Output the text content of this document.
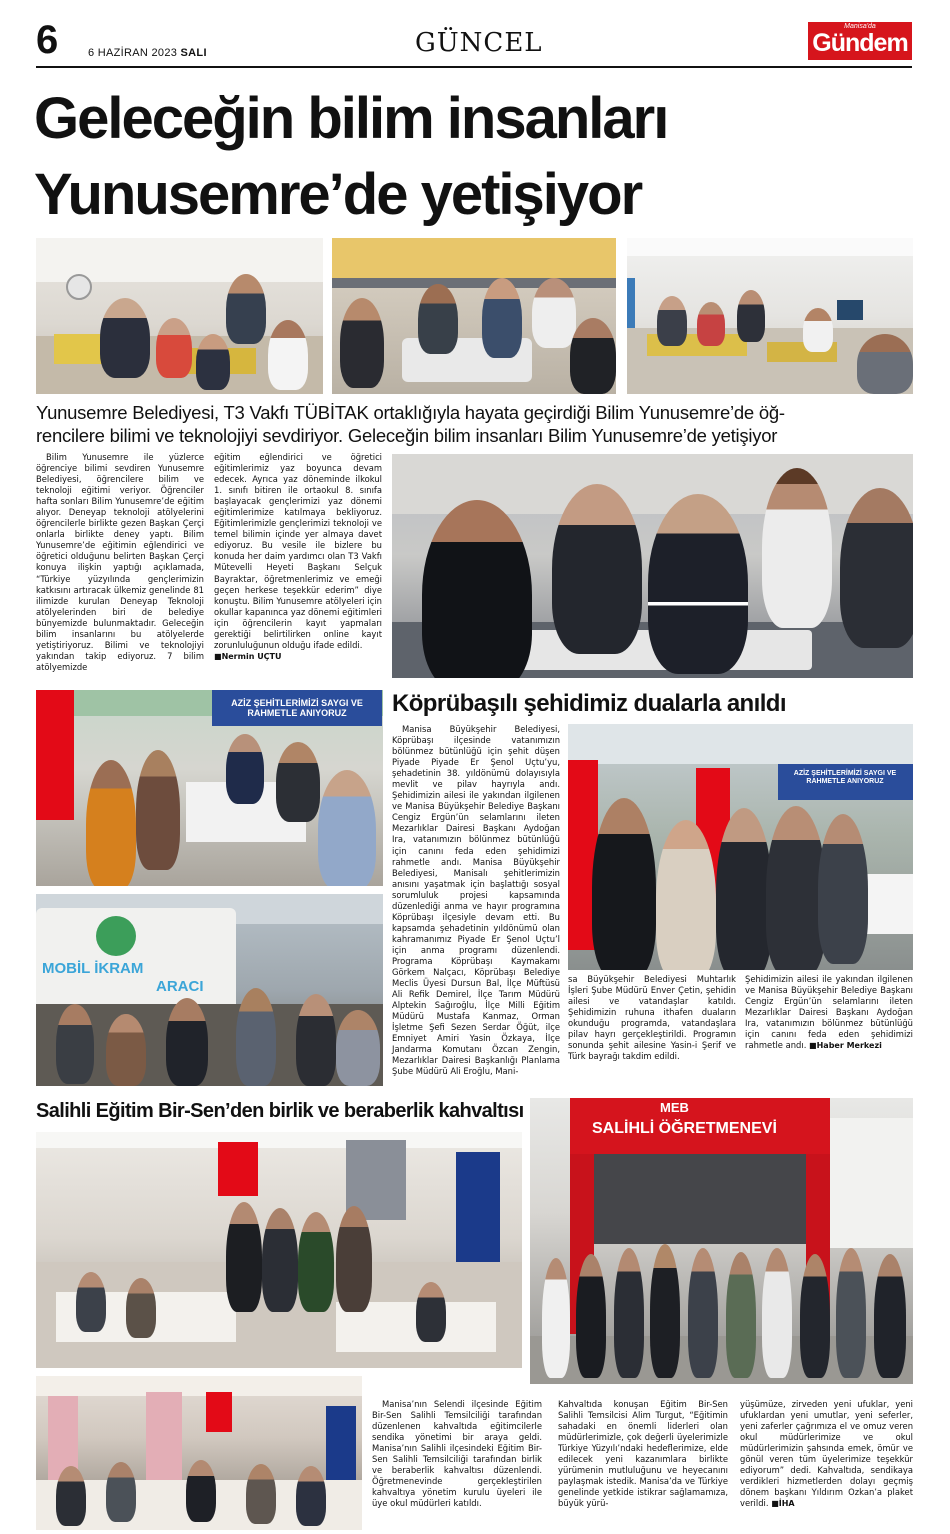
6	6 HAZİRAN 2023 SALI	GÜNCEL
Manisa'da
Gündem
Geleceğin bilim insanları
Yunusemre’de yetişiyor
Yunusemre Belediyesi, T3 Vakfı TÜBİTAK ortaklığıyla hayata geçirdiği Bilim Yunusemre’de öğ-
rencilere bilimi ve teknolojiyi sevdiriyor. Geleceğin bilim insanları Bilim Yunusemre’de yetişiyor

Bilim Yunusemre ile yüzlerce öğrenciye bilimi sevdiren Yunusemre Belediyesi, öğrencilere bilim ve teknoloji eğitimi veriyor. Öğrenciler hafta sonları Bilim Yunusemre’de eğitim alıyor. Deneyap teknoloji atölyelerini öğrencilerle birlikte gezen Başkan Çerçi onlarla birlikte deney yaptı. Bilim Yunusemre’de eğitimin eğlendirici ve öğretici olduğunu belirten Başkan Çerçi konuya ilişkin yaptığı açıklamada, “Türkiye yüzyılında gençlerimizin katkısını artıracak ülkemiz genelinde 81 ilimizde kurulan Deneyap Teknoloji atölyelerinden biri de belediye bünyemizde bulunmaktadır. Geleceğin bilim insanlarını bu atölyelerde yetiştiriyoruz. Bilimi ve teknolojiyi yakından takip ediyoruz. 7 bilim atölyemizde

eğitim eğlendirici ve öğretici eğitimlerimiz yaz boyunca devam edecek. Ayrıca yaz döneminde ilkokul 1. sınıfı bitiren ile ortaokul 8. sınıfa başlayacak gençlerimizi yaz dönemi eğitimlerimize katılmaya bekliyoruz. Eğitimlerimizle gençlerimizi teknoloji ve temel bilimin içinde yer almaya davet ediyoruz. Bu vesile ile bizlere bu konuda her daim yardımcı olan T3 Vakfı Mütevelli Heyeti Başkanı Selçuk Bayraktar, öğretmenlerimiz ve emeği geçen herkese teşekkür ederim” diye konuştu. Bilim Yunusemre atölyeleri için okullar kapanınca yaz dönemi eğitimleri için öğrencilerin kayıt yapmaları gerektiği belirtilirken online kayıt zorunluluğunun olduğu ifade edildi.

■ Nermin UÇTU
AZİZ ŞEHİTLERİMİZİ SAYGI VE RAHMETLE ANIYORUZ
MOBİL İKRAM
ARACI
Köprübaşılı şehidimiz dualarla anıldı

Manisa Büyükşehir Belediyesi, Köprübaşı ilçesinde vatanımızın bölünmez bütünlüğü için şehit düşen Piyade Piyade Er Şenol Uçtu’yu, şehadetinin 38. yıldönümü dolayısıyla mevlit ve pilav hayrıyla andı. Şehidimizin ailesi ile yakından ilgilenen ve Manisa Büyükşehir Belediye Başkanı Cengiz Ergün’ün selamlarını ileten Mezarlıklar Dairesi Başkanı Aydoğan Ira, vatanımızın bölünmez bütünlüğü için canını feda eden şehidimizi rahmetle andı. Manisa Büyükşehir Belediyesi, Manisalı şehitlerimizin anısını yaşatmak için başlattığı sosyal sorumluluk projesi kapsamında düzenlediği anma ve hayır programına Köprübaşı ilçesiyle devam etti. Bu kapsamda şehadetinin yıldönümü olan kahramanımız Piyade Er Şenol Uçtu’l için anma programı düzenlendi. Programa Köprübaşı Kaymakamı Görkem Nalçacı, Köprübaşı Belediye Meclis Üyesi Dursun Bal, İlçe Müftüsü Ali Refik Demirel, İlçe Tarım Müdürü Alptekin Sağıroğlu, İlçe Milli Eğitim Müdürü Mustafa Kanmaz, Orman İşletme Şefi Sezen Serdar Öğüt, ilçe Emniyet Amiri Yasin Özkaya, İlçe Jandarma Komutanı Özcan Zengin, Mezarlıklar Dairesi Başkanlığı Planlama Şube Müdürü Ali Eroğlu, Mani-

AZİZ ŞEHİTLERİMİZİ SAYGI VE RAHMETLE ANIYORUZ

sa Büyükşehir Belediyesi Muhtarlık İşleri Şube Müdürü Enver Çetin, şehidin ailesi ve vatandaşlar katıldı. Şehidimizin ruhuna ithafen duaların okunduğu programda, vatandaşlara pilav hayrı gerçekleştirildi. Programın sonunda şehit ailesine Yasin-i Şerif ve Türk bayrağı takdim edildi.

Şehidimizin ailesi ile yakından ilgilenen ve Manisa Büyükşehir Belediye Başkanı Cengiz Ergün’ün selamlarını ileten Mezarlıklar Dairesi Başkanı Aydoğan Ira, vatanımızın bölünmez bütünlüğü için canını feda eden şehidimizi rahmetle andı. ■ Haber Merkezi
MEB
SALİHLİ ÖĞRETMENEVİ
Salihli Eğitim Bir-Sen’den birlik ve beraberlik kahvaltısı

Manisa’nın Selendi ilçesinde Eğitim Bir-Sen Salihli Temsilciliği tarafından düzenlenen kahvaltıda eğitimcilerle sendika yönetimi bir araya geldi. Manisa’nın Salihli ilçesindeki Eğitim Bir-Sen Salihli Temsilciliği tarafından birlik ve beraberlik kahvaltısı düzenlendi. Öğretmenevinde gerçekleştirilen kahvaltıya yönetim kurulu üyeleri ile üye okul müdürleri katıldı.

Kahvaltıda konuşan Eğitim Bir-Sen Salihli Temsilcisi Alim Turgut, “Eğitimin sahadaki en önemli liderleri olan müdürlerimizle, çok değerli üyelerimizle Türkiye Yüzyılı’ndaki hedeflerimize, elde edilecek yeni kazanımlara birlikte yürümenin mutluluğunu ve heyecanını paylaşmak istedik. Manisa’da ve Türkiye genelinde yetkide istikrar sağlamamıza, büyük yürü-

yüşümüze, zirveden yeni ufuklar, yeni ufuklardan yeni umutlar, yeni seferler, yeni zaferler çağrımıza el ve omuz veren okul müdürlerimize ve okul müdürlerimizin şahsında emek, ömür ve gönül veren tüm üyelerimize teşekkür ediyorum” dedi. Kahvaltıda, sendikaya verdikleri hizmetlerden dolayı geçmiş dönem başkanı Yıldırım Ozkan’a plaket verildi. ■ İHA
